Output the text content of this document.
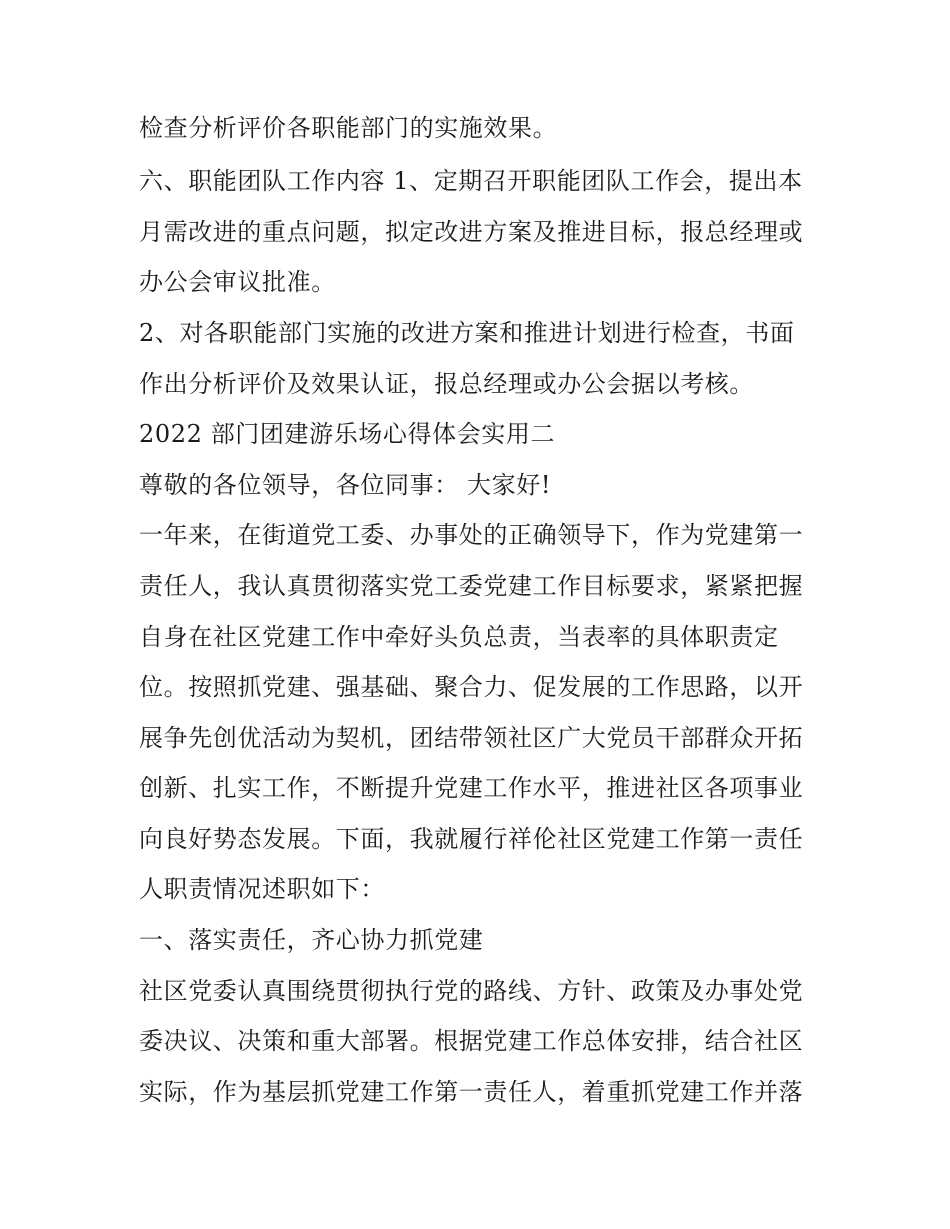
检查分析评价各职能部门的实施效果。

六、职能团队工作内容 1、定期召开职能团队工作会，提出本

月需改进的重点问题，拟定改进方案及推进目标，报总经理或

办公会审议批准。

2、对各职能部门实施的改进方案和推进计划进行检查，书面

作出分析评价及效果认证，报总经理或办公会据以考核。

2022 部门团建游乐场心得体会实用二

尊敬的各位领导，各位同事： 大家好!

一年来，在街道党工委、办事处的正确领导下，作为党建第一

责任人，我认真贯彻落实党工委党建工作目标要求，紧紧把握

自身在社区党建工作中牵好头负总责，当表率的具体职责定

位。按照抓党建、强基础、聚合力、促发展的工作思路，以开

展争先创优活动为契机，团结带领社区广大党员干部群众开拓

创新、扎实工作，不断提升党建工作水平，推进社区各项事业

向良好势态发展。下面，我就履行祥伦社区党建工作第一责任

人职责情况述职如下：

一、落实责任，齐心协力抓党建

社区党委认真围绕贯彻执行党的路线、方针、政策及办事处党

委决议、决策和重大部署。根据党建工作总体安排，结合社区

实际，作为基层抓党建工作第一责任人，着重抓党建工作并落
